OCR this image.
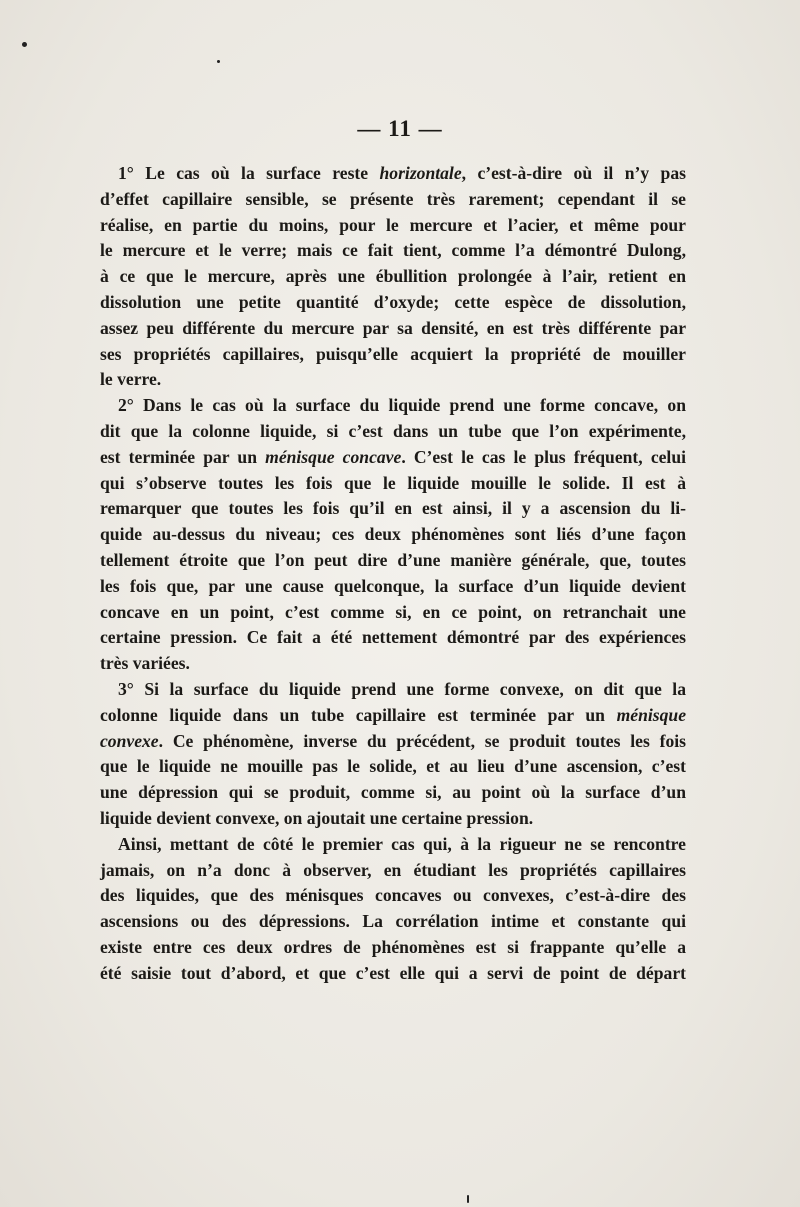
— 11 —
1° Le cas où la surface reste horizontale, c’est-à-dire où il n’y pas
d’effet capillaire sensible, se présente très rarement; cependant il se
réalise, en partie du moins, pour le mercure et l’acier, et même pour
le mercure et le verre; mais ce fait tient, comme l’a démontré Dulong,
à ce que le mercure, après une ébullition prolongée à l’air, retient en
dissolution une petite quantité d’oxyde; cette espèce de dissolution,
assez peu différente du mercure par sa densité, en est très différente par
ses propriétés capillaires, puisqu’elle acquiert la propriété de mouiller
le verre.
2° Dans le cas où la surface du liquide prend une forme concave, on
dit que la colonne liquide, si c’est dans un tube que l’on expérimente,
est terminée par un ménisque concave. C’est le cas le plus fréquent, celui
qui s’observe toutes les fois que le liquide mouille le solide. Il est à
remarquer que toutes les fois qu’il en est ainsi, il y a ascension du li-
quide au-dessus du niveau; ces deux phénomènes sont liés d’une façon
tellement étroite que l’on peut dire d’une manière générale, que, toutes
les fois que, par une cause quelconque, la surface d’un liquide devient
concave en un point, c’est comme si, en ce point, on retranchait une
certaine pression. Ce fait a été nettement démontré par des expériences
très variées.
3° Si la surface du liquide prend une forme convexe, on dit que la
colonne liquide dans un tube capillaire est terminée par un ménisque
convexe. Ce phénomène, inverse du précédent, se produit toutes les fois
que le liquide ne mouille pas le solide, et au lieu d’une ascension, c’est
une dépression qui se produit, comme si, au point où la surface d’un
liquide devient convexe, on ajoutait une certaine pression.
Ainsi, mettant de côté le premier cas qui, à la rigueur ne se rencontre
jamais, on n’a donc à observer, en étudiant les propriétés capillaires
des liquides, que des ménisques concaves ou convexes, c’est-à-dire des
ascensions ou des dépressions. La corrélation intime et constante qui
existe entre ces deux ordres de phénomènes est si frappante qu’elle a
été saisie tout d’abord, et que c’est elle qui a servi de point de départ
